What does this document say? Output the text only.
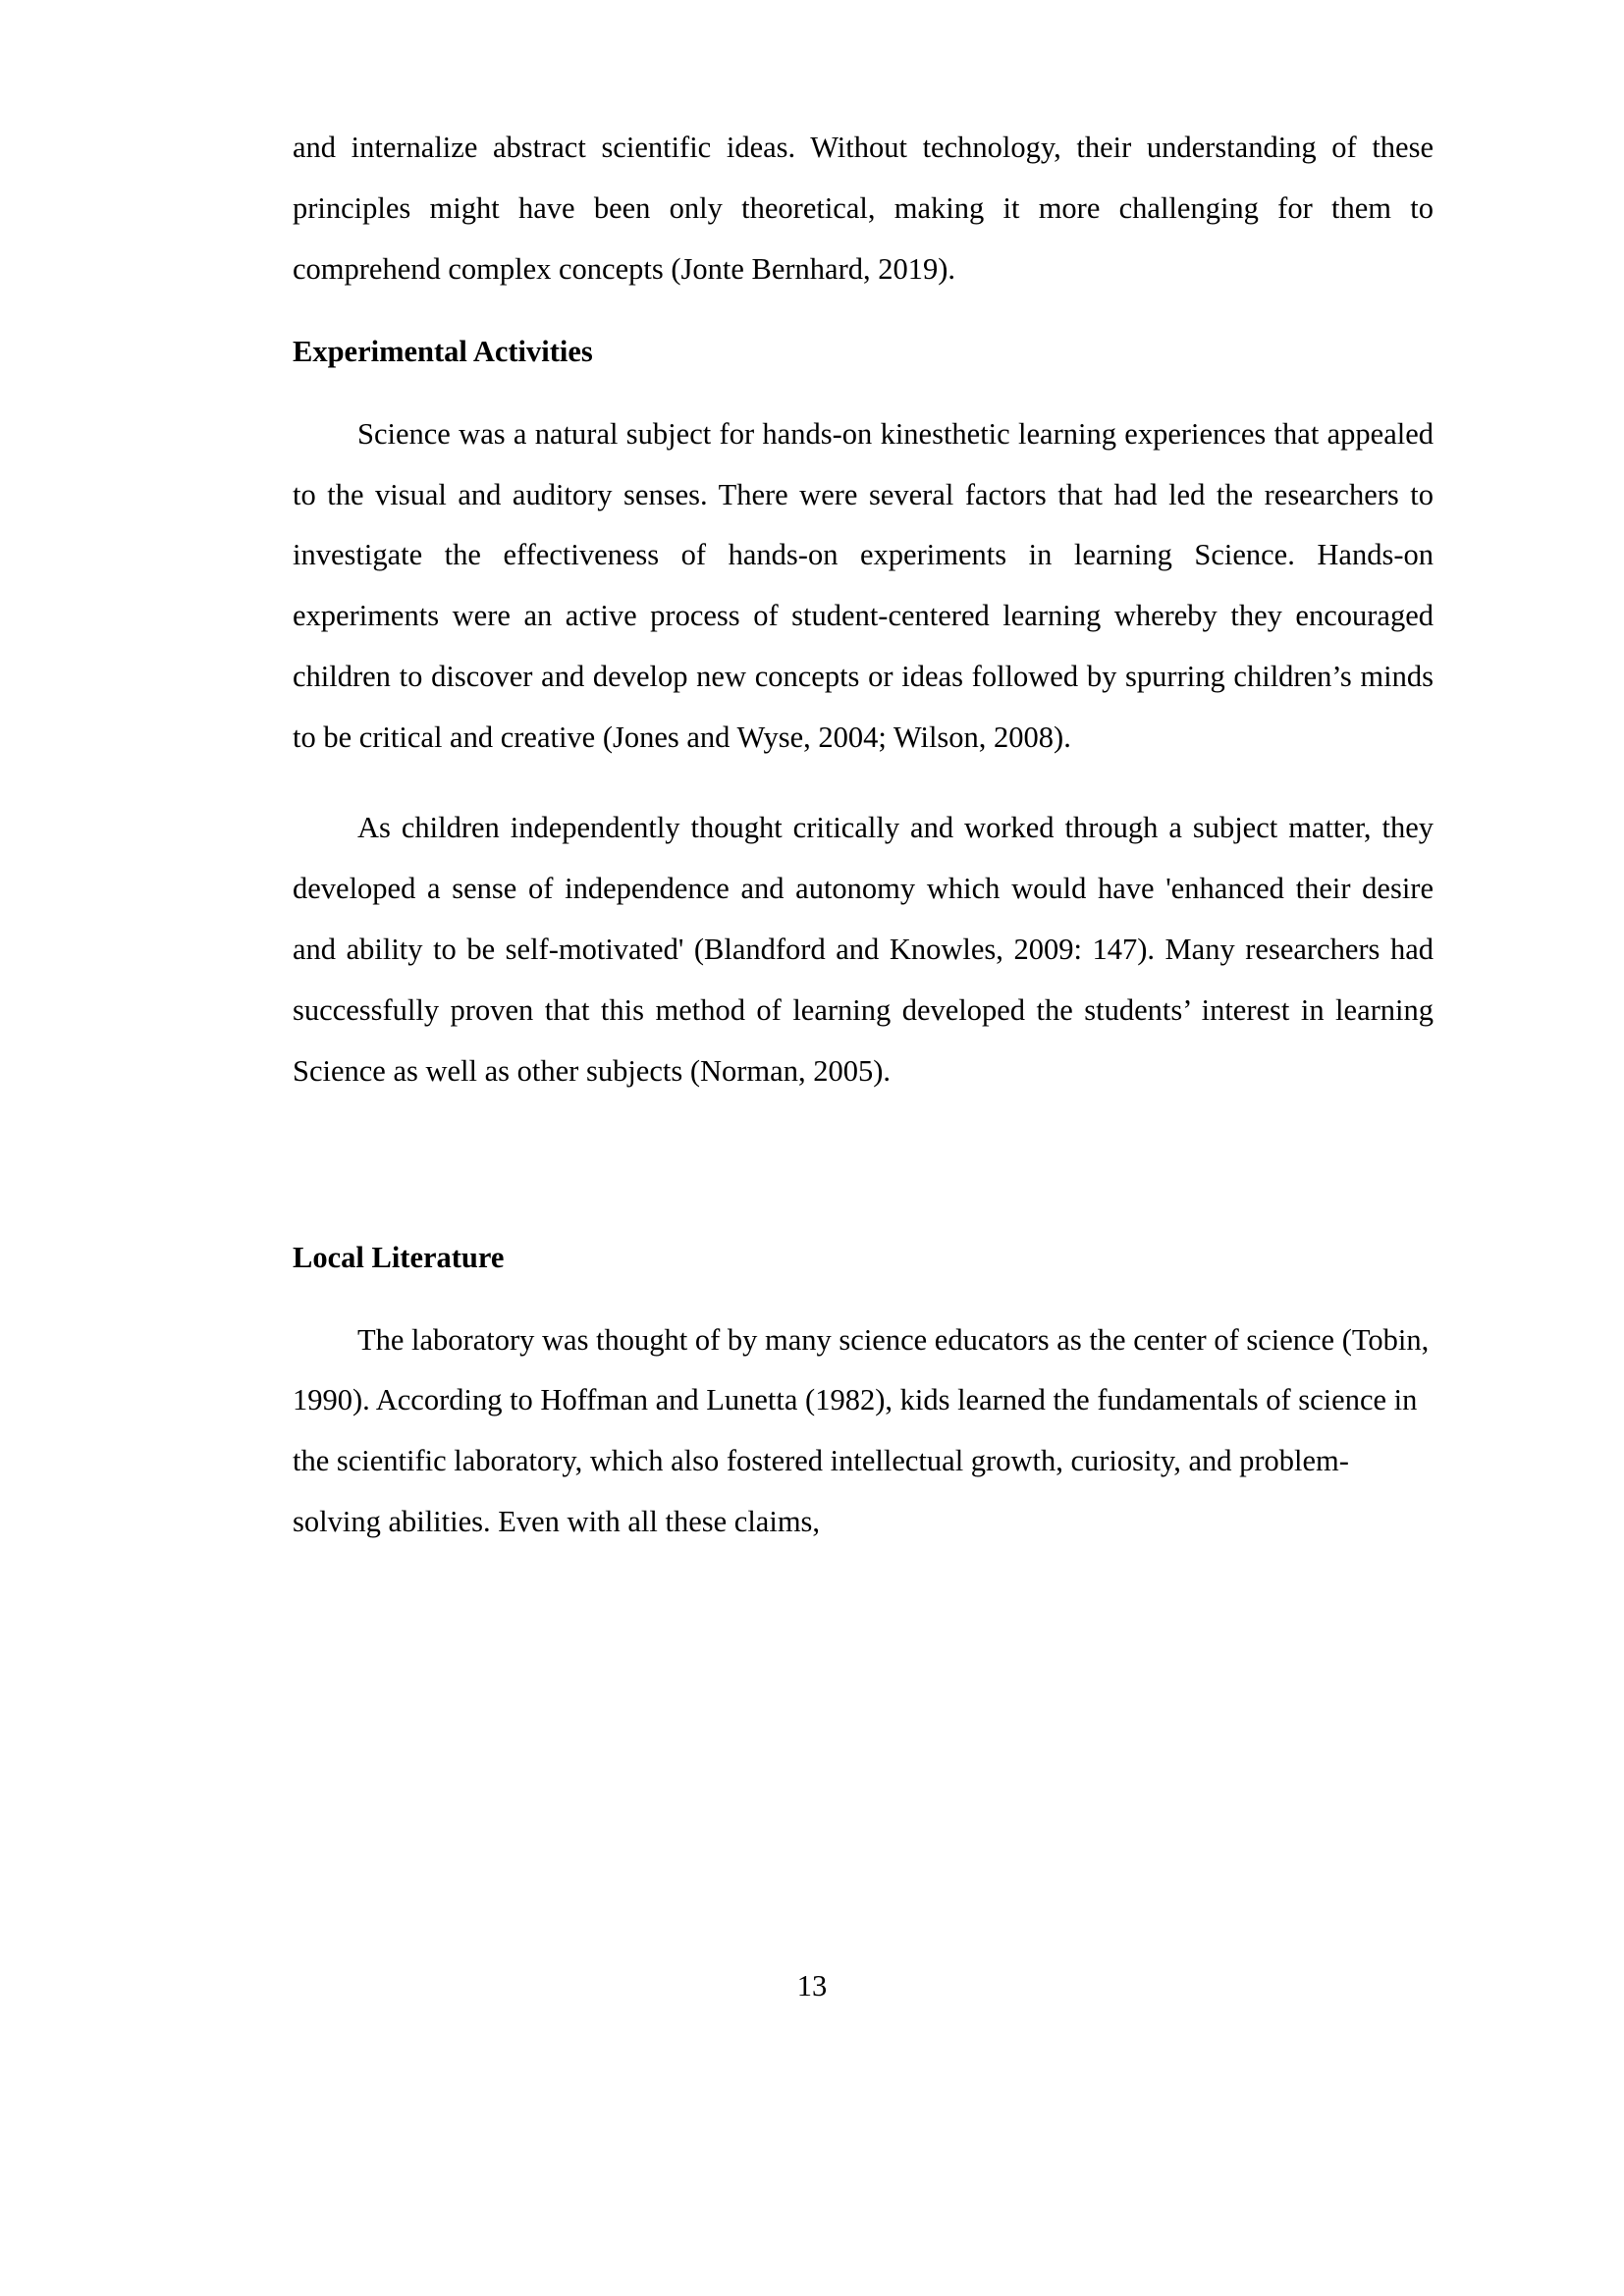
and internalize abstract scientific ideas. Without technology, their understanding of these principles might have been only theoretical, making it more challenging for them to comprehend complex concepts (Jonte Bernhard, 2019).

Experimental Activities

Science was a natural subject for hands-on kinesthetic learning experiences that appealed to the visual and auditory senses. There were several factors that had led the researchers to investigate the effectiveness of hands-on experiments in learning Science. Hands-on experiments were an active process of student-centered learning whereby they encouraged children to discover and develop new concepts or ideas followed by spurring children’s minds to be critical and creative (Jones and Wyse, 2004; Wilson, 2008).

As children independently thought critically and worked through a subject matter, they developed a sense of independence and autonomy which would have 'enhanced their desire and ability to be self-motivated' (Blandford and Knowles, 2009: 147). Many researchers had successfully proven that this method of learning developed the students’ interest in learning Science as well as other subjects (Norman, 2005).

Local Literature

The laboratory was thought of by many science educators as the center of science (Tobin, 1990). According to Hoffman and Lunetta (1982), kids learned the fundamentals of science in the scientific laboratory, which also fostered intellectual growth, curiosity, and problem-solving abilities. Even with all these claims,

13
